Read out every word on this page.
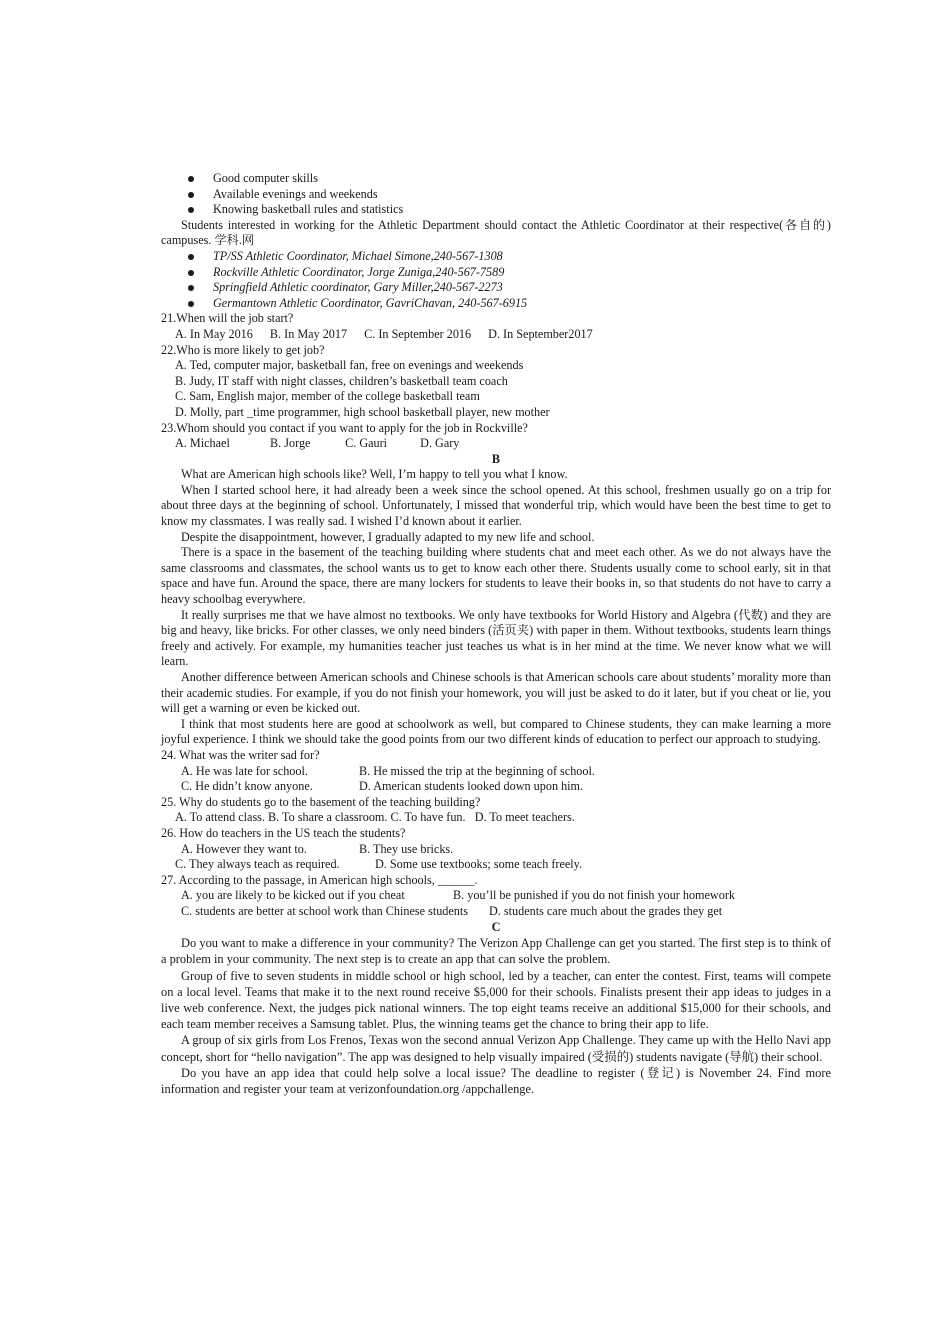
Good computer skills
Available evenings and weekends
Knowing basketball rules and statistics

Students interested in working for the Athletic Department should contact the Athletic Coordinator at their respective(各自的) campuses. 学科.网

TP/SS Athletic Coordinator, Michael Simone,240-567-1308
Rockville Athletic Coordinator, Jorge Zuniga,240-567-7589
Springfield Athletic coordinator, Gary Miller,240-567-2273
Germantown Athletic Coordinator, GavriChavan, 240-567-6915

21.When will the job start?

A. In May 2016 B. In May 2017 C. In September 2016 D. In September2017

22.Who is more likely to get job?

A. Ted, computer major, basketball fan, free on evenings and weekends

B. Judy, IT staff with night classes, children’s basketball team coach

C. Sam, English major, member of the college basketball team

D. Molly, part _time programmer, high school basketball player, new mother

23.Whom should you contact if you want to apply for the job in Rockville?

A. Michael	B. Jorge	C. Gauri	D. Gary

B

What are American high schools like? Well, I’m happy to tell you what I know.

When I started school here, it had already been a week since the school opened. At this school, freshmen usually go on a trip for about three days at the beginning of school. Unfortunately, I missed that wonderful trip, which would have been the best time to get to know my classmates. I was really sad. I wished I’d known about it earlier.

Despite the disappointment, however, I gradually adapted to my new life and school.

There is a space in the basement of the teaching building where students chat and meet each other. As we do not always have the same classrooms and classmates, the school wants us to get to know each other there. Students usually come to school early, sit in that space and have fun. Around the space, there are many lockers for students to leave their books in, so that students do not have to carry a heavy schoolbag everywhere.

It really surprises me that we have almost no textbooks. We only have textbooks for World History and Algebra (代数) and they are big and heavy, like bricks. For other classes, we only need binders (活页夹) with paper in them. Without textbooks, students learn things freely and actively. For example, my humanities teacher just teaches us what is in her mind at the time. We never know what we will learn.

Another difference between American schools and Chinese schools is that American schools care about students’ morality more than their academic studies. For example, if you do not finish your homework, you will just be asked to do it later, but if you cheat or lie, you will get a warning or even be kicked out.

I think that most students here are good at schoolwork as well, but compared to Chinese students, they can make learning a more joyful experience. I think we should take the good points from our two different kinds of education to perfect our approach to studying.

24. What was the writer sad for?

A. He was late for school.	B. He missed the trip at the beginning of school.

C. He didn’t know anyone.	D. American students looked down upon him.

25. Why do students go to the basement of the teaching building?

A. To attend class. B. To share a classroom. C. To have fun.   D. To meet teachers.

26. How do teachers in the US teach the students?

A. However they want to.	B. They use bricks.

C. They always teach as required.	D. Some use textbooks; some teach freely.

27. According to the passage, in American high schools, ______.

A. you are likely to be kicked out if you cheat	B. you’ll be punished if you do not finish your homework

C. students are better at school work than Chinese students D. students care much about the grades they get

C

Do you want to make a difference in your community? The Verizon App Challenge can get you started. The first step is to think of a problem in your community. The next step is to create an app that can solve the problem.

Group of five to seven students in middle school or high school, led by a teacher, can enter the contest. First, teams will compete on a local level. Teams that make it to the next round receive $5,000 for their schools. Finalists present their app ideas to judges in a live web conference. Next, the judges pick national winners. The top eight teams receive an additional $15,000 for their schools, and each team member receives a Samsung tablet. Plus, the winning teams get the chance to bring their app to life.

A group of six girls from Los Frenos, Texas won the second annual Verizon App Challenge. They came up with the Hello Navi app concept, short for “hello navigation”. The app was designed to help visually impaired (受损的) students navigate (导航) their school.

Do you have an app idea that could help solve a local issue? The deadline to register (登记) is November 24. Find more information and register your team at verizonfoundation.org /appchallenge.
